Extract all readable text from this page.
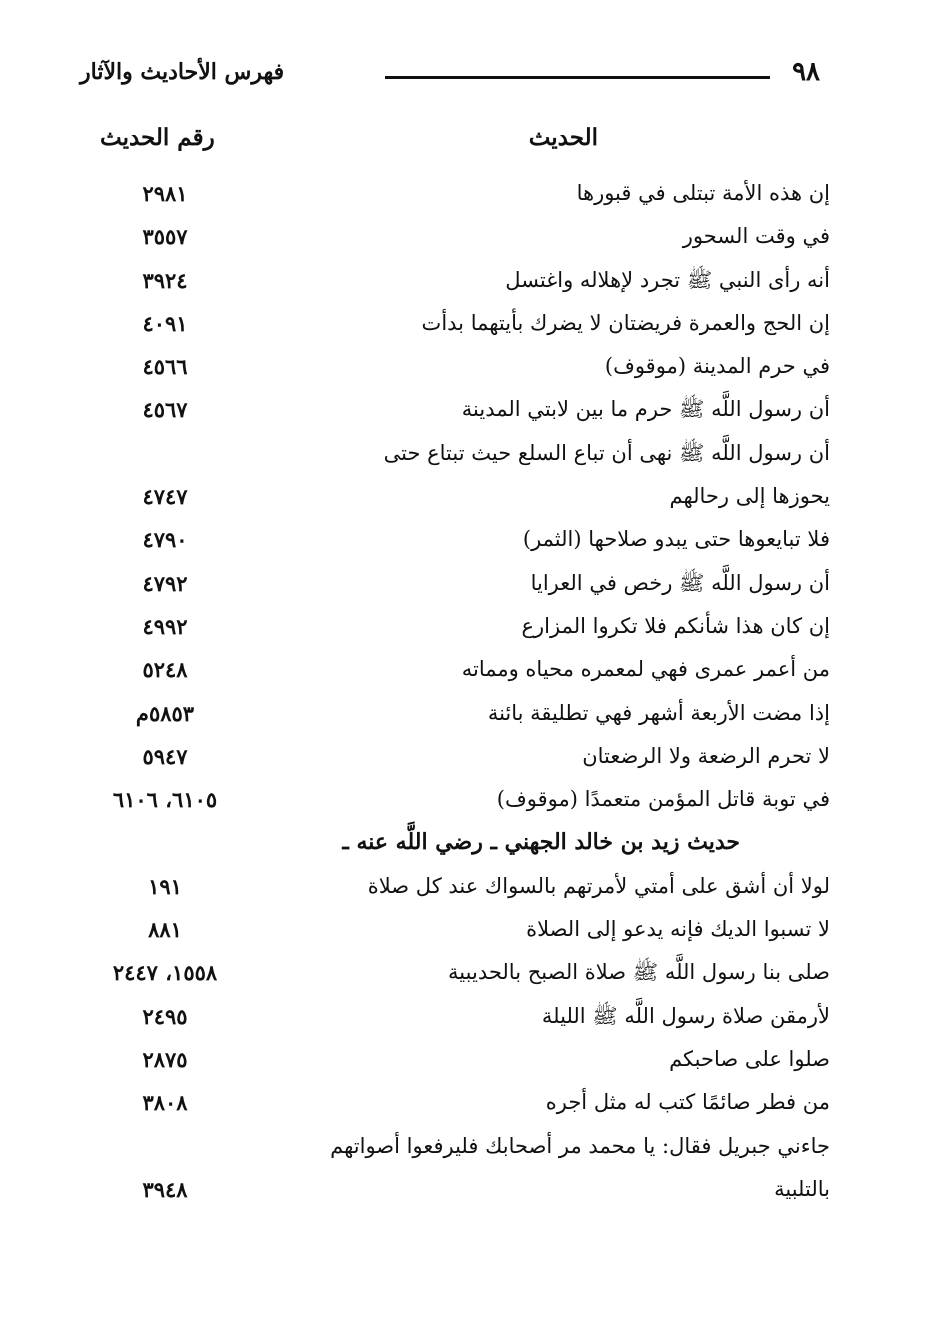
٩٨
فهرس الأحاديث والآثار
الحديث
رقم الحديث
إن هذه الأمة تبتلى في قبورها
٢٩٨١
في وقت السحور
٣٥٥٧
أنه رأى النبي ﷺ تجرد لإهلاله واغتسل
٣٩٢٤
إن الحج والعمرة فريضتان لا يضرك بأيتهما بدأت
٤٠٩١
في حرم المدينة (موقوف)
٤٥٦٦
أن رسول اللَّه ﷺ حرم ما بين لابتي المدينة
٤٥٦٧
أن رسول اللَّه ﷺ نهى أن تباع السلع حيث تبتاع حتى
يحوزها إلى رحالهم
٤٧٤٧
فلا تبايعوها حتى يبدو صلاحها (الثمر)
٤٧٩٠
أن رسول اللَّه ﷺ رخص في العرايا
٤٧٩٢
إن كان هذا شأنكم فلا تكروا المزارع
٤٩٩٢
من أعمر عمرى فهي لمعمره محياه ومماته
٥٢٤٨
إذا مضت الأربعة أشهر فهي تطليقة بائنة
٥٨٥٣م
لا تحرم الرضعة ولا الرضعتان
٥٩٤٧
في توبة قاتل المؤمن متعمدًا (موقوف)
٦١٠٥، ٦١٠٦
حديث زيد بن خالد الجهني ـ رضي اللَّه عنه ـ
لولا أن أشق على أمتي لأمرتهم بالسواك عند كل صلاة
١٩١
لا تسبوا الديك فإنه يدعو إلى الصلاة
٨٨١
صلى بنا رسول اللَّه ﷺ صلاة الصبح بالحديبية
١٥٥٨، ٢٤٤٧
لأرمقن صلاة رسول اللَّه ﷺ الليلة
٢٤٩٥
صلوا على صاحبكم
٢٨٧٥
من فطر صائمًا كتب له مثل أجره
٣٨٠٨
جاءني جبريل فقال: يا محمد مر أصحابك فليرفعوا أصواتهم
بالتلبية
٣٩٤٨
